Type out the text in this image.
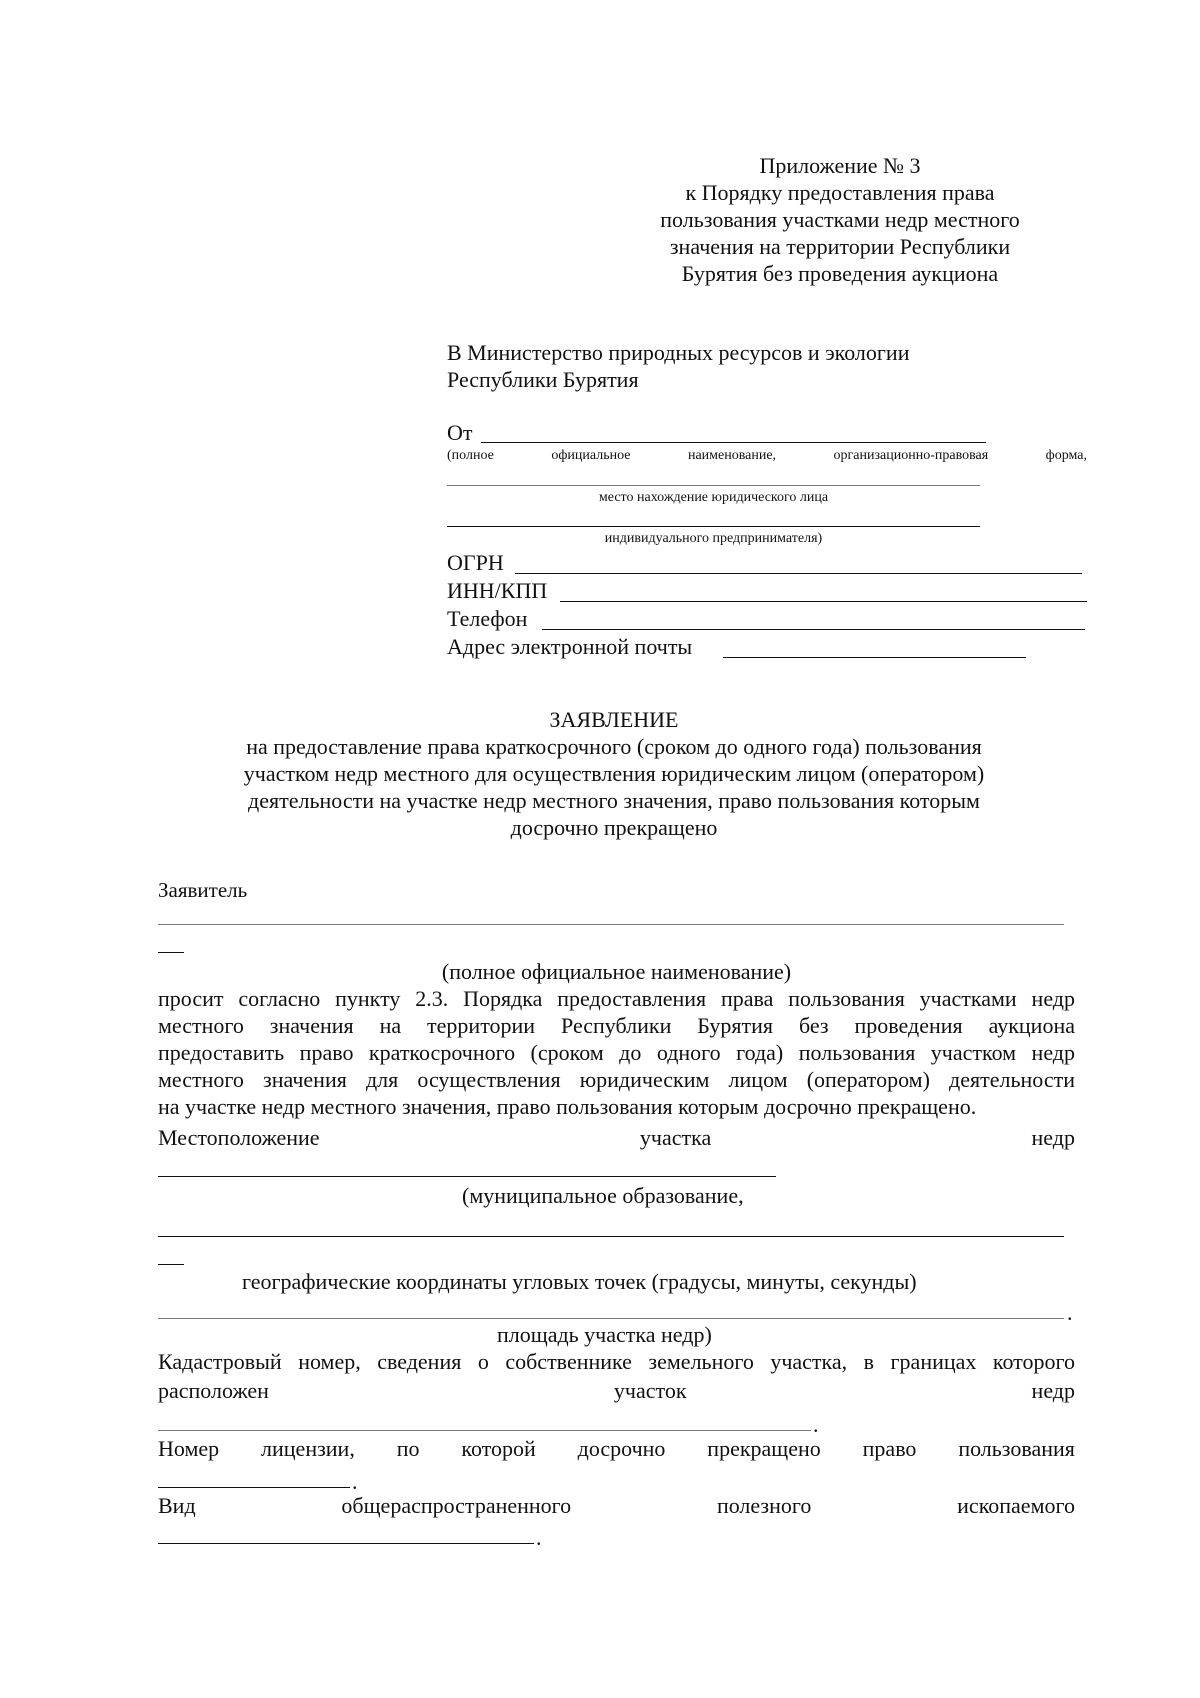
Приложение № 3
к Порядку предоставления права
пользования участками недр местного
значения на территории Республики
Бурятия без проведения аукциона
В Министерство природных ресурсов и экологии
Республики Бурятия
От
(полное	официальное	наименование,	организационно-правовая	форма,
место нахождение юридического лица
индивидуального предпринимателя)
ОГРН
ИНН/КПП
Телефон
Адрес электронной почты
ЗАЯВЛЕНИЕ
на предоставление права краткосрочного (сроком до одного года) пользования
участком недр местного для осуществления юридическим лицом (оператором)
деятельности на участке недр местного значения, право пользования которым
досрочно прекращено
Заявитель
(полное официальное наименование)
просит согласно пункту 2.3. Порядка предоставления права пользования участками недр
местного значения на территории Республики Бурятия без проведения аукциона
предоставить право краткосрочного (сроком до одного года) пользования участком недр
местного значения для осуществления юридическим лицом (оператором) деятельности
на участке недр местного значения, право пользования которым досрочно прекращено.
Местоположение	участка	недр
(муниципальное образование,
географические координаты угловых точек (градусы, минуты, секунды)
.
площадь участка недр)
Кадастровый номер, сведения о собственнике земельного участка, в границах которого
расположен	участок	недр
.
Номер лицензии, по которой досрочно прекращено право пользования
.
Вид	общераспространенного	полезного	ископаемого
.
